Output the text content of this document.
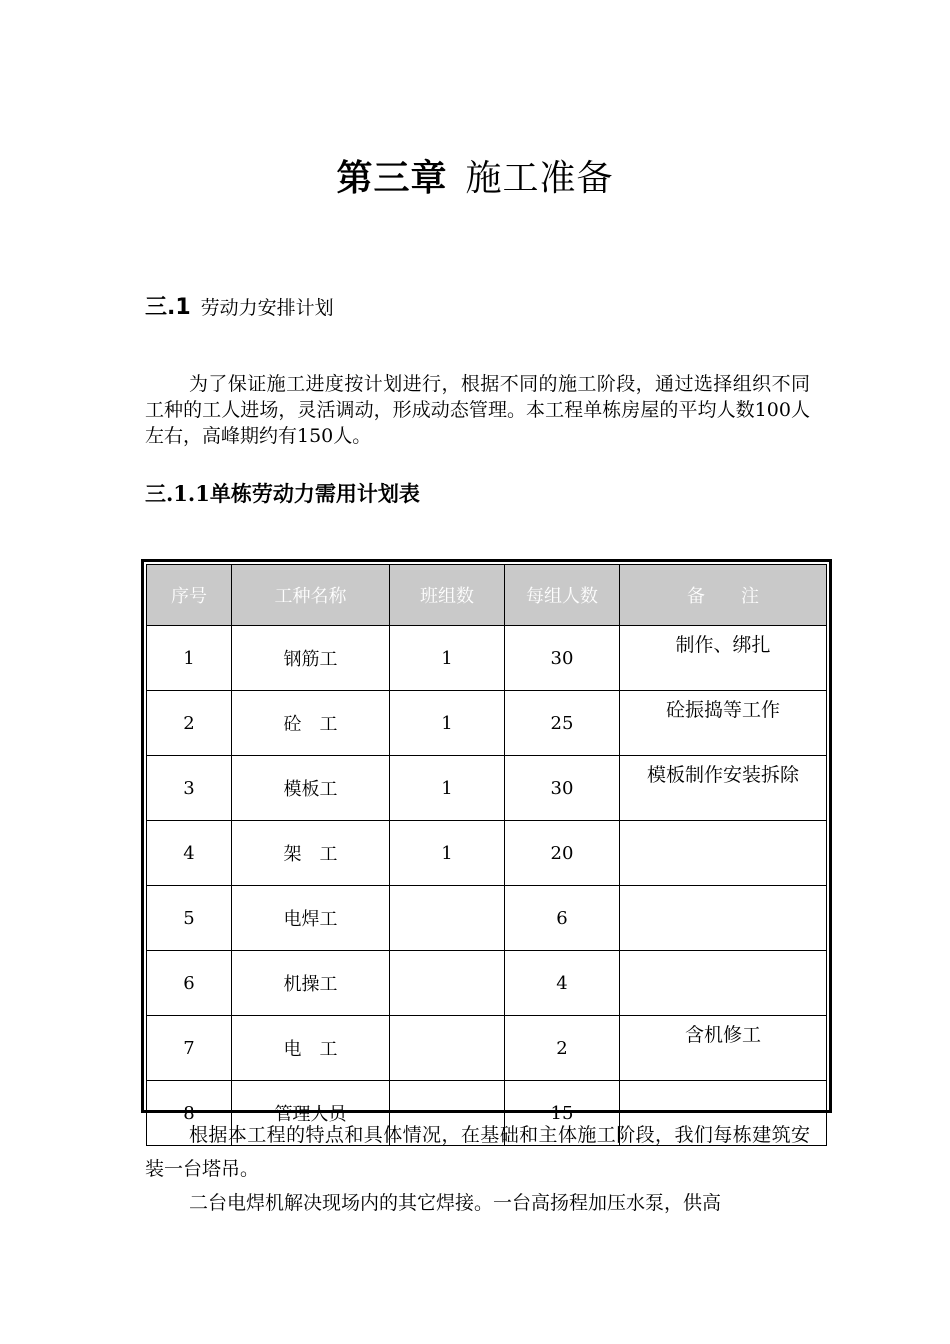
第三章 施工准备
三.1 劳动力安排计划

为了保证施工进度按计划进行，根据不同的施工阶段，通过选择组织不同工种的工人进场，灵活调动，形成动态管理。本工程单栋房屋的平均人数100人左右，高峰期约有150人。

三.1.1单栋劳动力需用计划表
序号	工种名称	班组数	每组人数	备　　注
1	钢筋工	1	30	制作、绑扎

2	砼　工	1	25	砼振捣等工作

3	模板工	1	30	模板制作安装拆除

4	架　工	1	20	

5	电焊工		6	

6	机操工		4	

7	电　工		2	含机修工

8	管理人员		15	

根据本工程的特点和具体情况，在基础和主体施工阶段，我们每栋建筑安装一台塔吊。

二台电焊机解决现场内的其它焊接。一台高扬程加压水泵，供高
